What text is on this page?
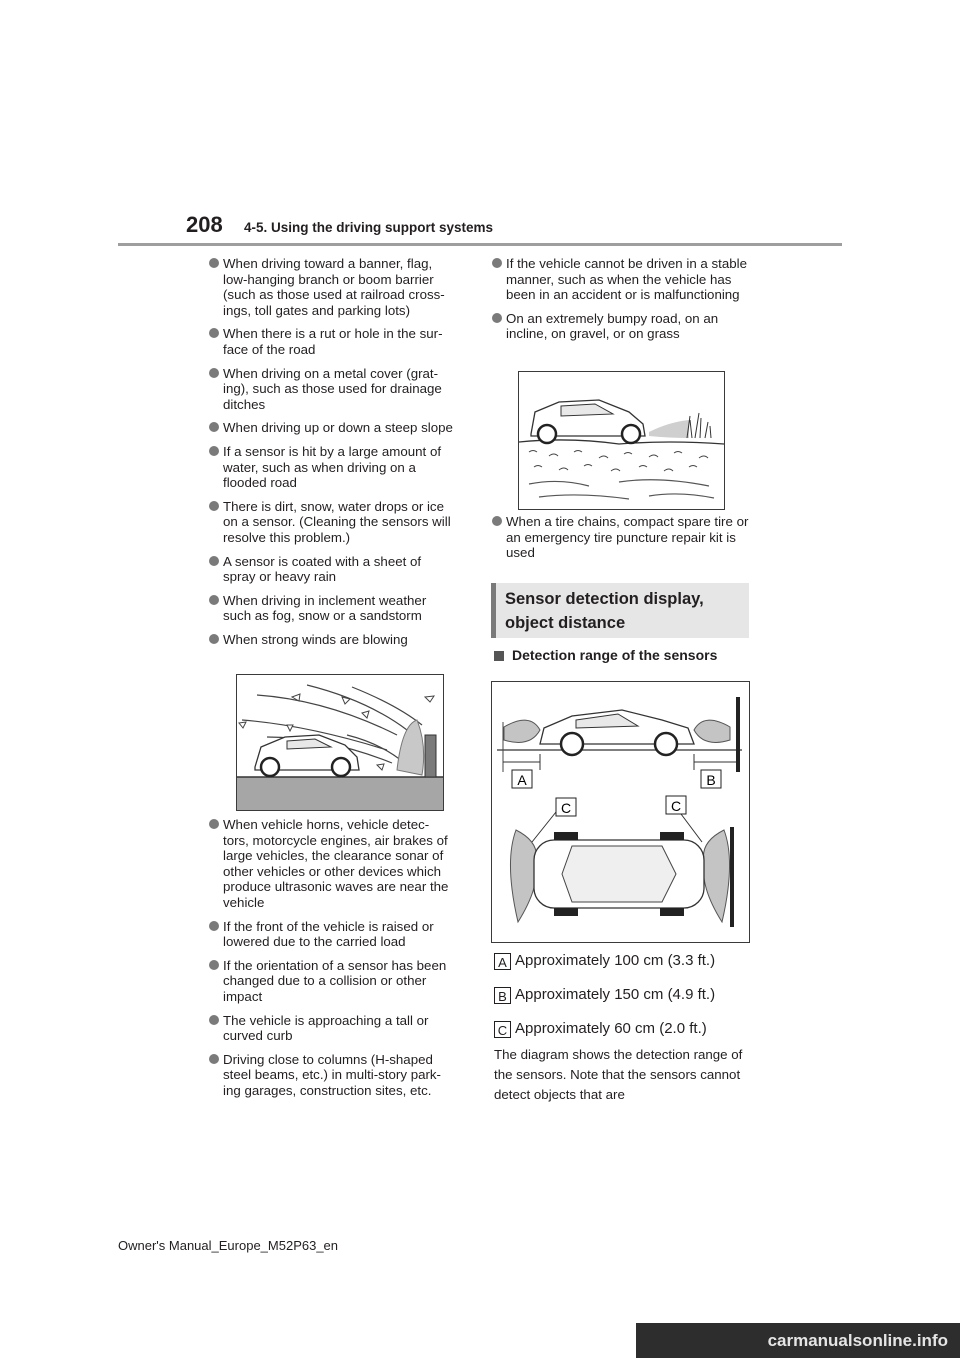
208 4-5. Using the driving support systems
When driving toward a banner, flag, low-hanging branch or boom barrier (such as those used at railroad cross-ings, toll gates and parking lots)
When there is a rut or hole in the sur-face of the road
When driving on a metal cover (grat-ing), such as those used for drainage ditches
When driving up or down a steep slope
If a sensor is hit by a large amount of water, such as when driving on a flooded road
There is dirt, snow, water drops or ice on a sensor. (Cleaning the sensors will resolve this problem.)
A sensor is coated with a sheet of spray or heavy rain
When driving in inclement weather such as fog, snow or a sandstorm
When strong winds are blowing
When vehicle horns, vehicle detec-tors, motorcycle engines, air brakes of large vehicles, the clearance sonar of other vehicles or other devices which produce ultrasonic waves are near the vehicle
If the front of the vehicle is raised or lowered due to the carried load
If the orientation of a sensor has been changed due to a collision or other impact
The vehicle is approaching a tall or curved curb
Driving close to columns (H-shaped steel beams, etc.) in multi-story park-ing garages, construction sites, etc.
If the vehicle cannot be driven in a stable manner, such as when the vehicle has been in an accident or is malfunctioning
On an extremely bumpy road, on an incline, on gravel, or on grass
When a tire chains, compact spare tire or an emergency tire puncture repair kit is used
Sensor detection display,
object distance
Detection range of the sensors
A	B
C	C
A Approximately 100 cm (3.3 ft.)
B Approximately 150 cm (4.9 ft.)
C Approximately 60 cm (2.0 ft.)
The diagram shows the detection range of the sensors. Note that the sensors cannot detect objects that are
Owner's Manual_Europe_M52P63_en
carmanualsonline.info
